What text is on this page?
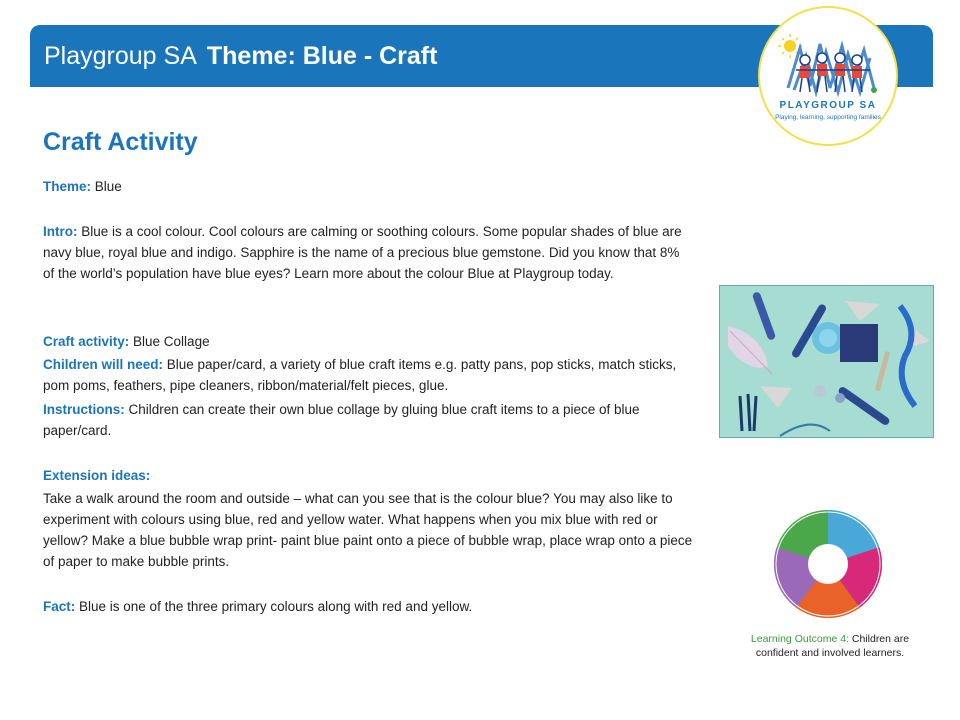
Playgroup SA Theme: Blue - Craft
PLAYGROUP SA
Playing, learning, supporting families
Craft Activity

Theme: Blue

Intro: Blue is a cool colour. Cool colours are calming or soothing colours. Some popular shades of blue are navy blue, royal blue and indigo. Sapphire is the name of a precious blue gemstone. Did you know that 8% of the world’s population have blue eyes? Learn more about the colour Blue at Playgroup today.

Craft activity: Blue Collage

Children will need: Blue paper/card, a variety of blue craft items e.g. patty pans, pop sticks, match sticks, pom poms, feathers, pipe cleaners, ribbon/material/felt pieces, glue.

Instructions: Children can create their own blue collage by gluing blue craft items to a piece of blue paper/card.

Extension ideas:

Take a walk around the room and outside – what can you see that is the colour blue? You may also like to experiment with colours using blue, red and yellow water. What happens when you mix blue with red or yellow? Make a blue bubble wrap print- paint blue paint onto a piece of bubble wrap, place wrap onto a piece of paper to make bubble prints.

Fact: Blue is one of the three primary colours along with red and yellow.

Learning Outcome 4: Children are confident and involved learners.
